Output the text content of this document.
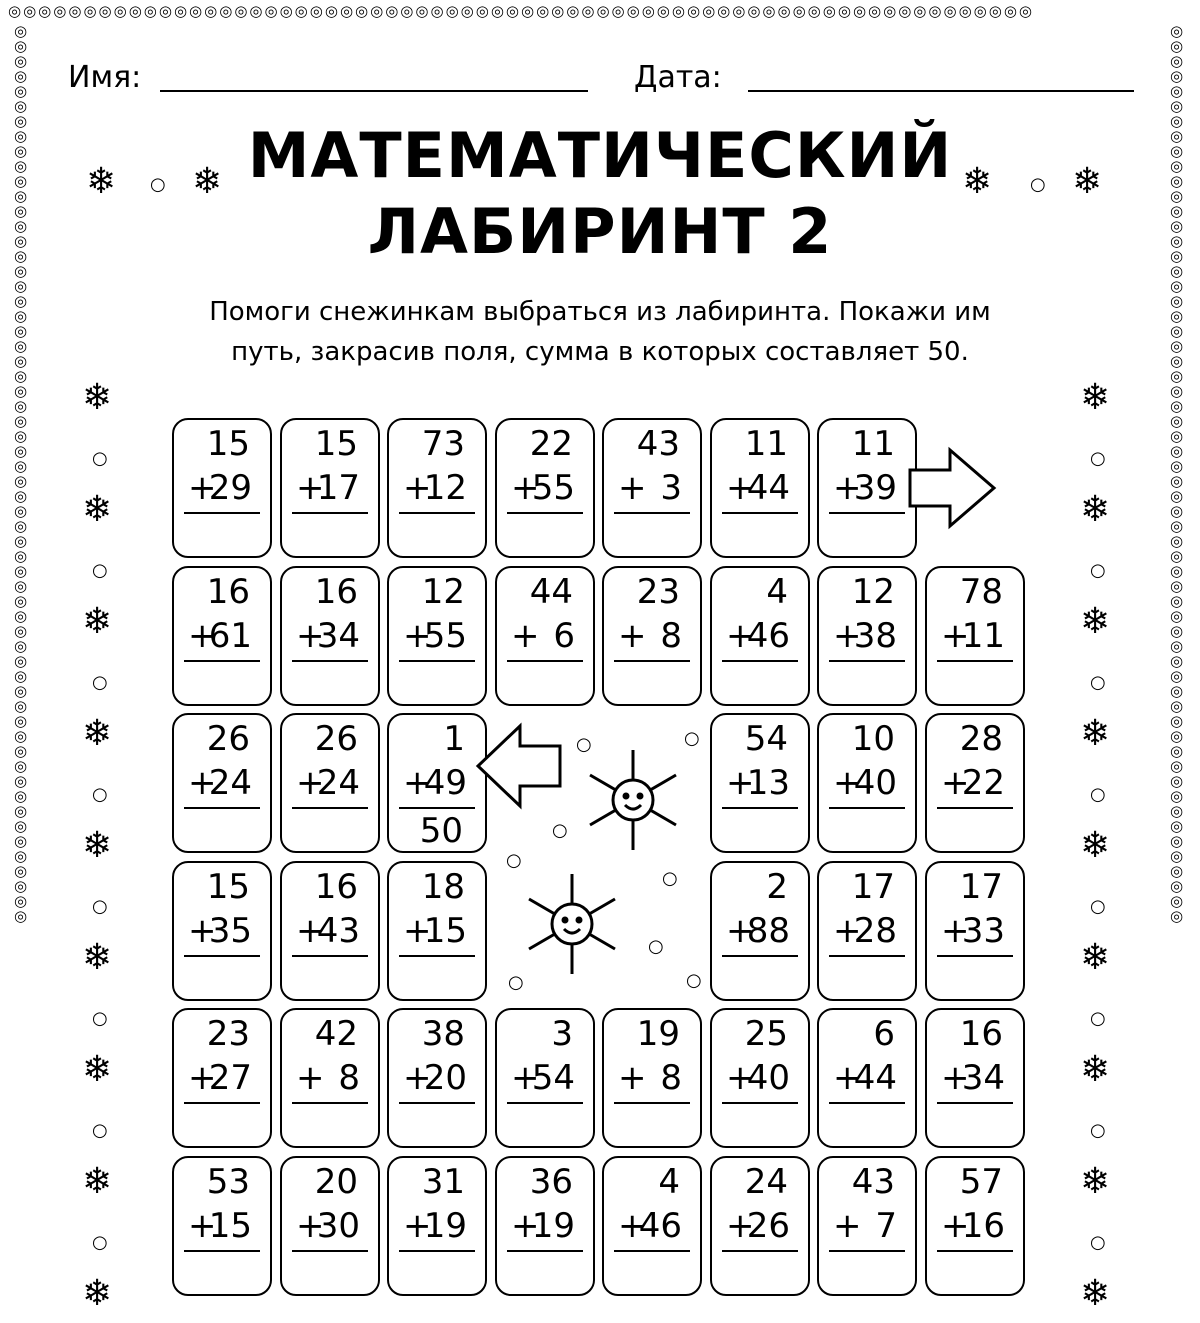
◎◎◎◎◎◎◎◎◎◎◎◎◎◎◎◎◎◎◎◎◎◎◎◎◎◎◎◎◎◎◎◎◎◎◎◎◎◎◎◎◎◎◎◎◎◎◎◎◎◎◎◎◎◎◎◎◎◎◎◎◎◎◎◎◎◎◎◎
◎◎◎◎◎◎◎◎◎◎◎◎◎◎◎◎◎◎◎◎◎◎◎◎◎◎◎◎◎◎◎◎◎◎◎◎◎◎◎◎◎◎◎◎◎◎◎◎◎◎◎◎◎◎◎◎◎◎◎◎
◎◎◎◎◎◎◎◎◎◎◎◎◎◎◎◎◎◎◎◎◎◎◎◎◎◎◎◎◎◎◎◎◎◎◎◎◎◎◎◎◎◎◎◎◎◎◎◎◎◎◎◎◎◎◎◎◎◎◎◎
Имя:	Дата:
МАТЕМАТИЧЕСКИЙ
ЛАБИРИНТ 2
❄ ○ ❄	❄ ○ ❄
Помоги снежинкам выбраться из лабиринта. Покажи им
путь, закрасив поля, сумма в которых составляет 50.
❄
○
❄
○
❄
○
❄
○
❄
○
❄
○
❄
○
❄
○
❄
❄
○
❄
○
❄
○
❄
○
❄
○
❄
○
❄
○
❄
○
❄
15
+
29
15
+
17
73
+
12
22
+
55
43
+ 3
11
+
44
11
+
39
16
+
61
16
+
34
12
+
55
44
+ 6
23
+ 8
4
+
46
12
+
38
78
+
11
26
+
24
26
+
24
1
+
49
50
54
+
13
10
+
40
28
+
22
15
+
35
16
+
43
18
+
15
2
+
88
17
+
28
17
+
33
23
+
27
42
+ 8
38
+
20
3
+
54
19
+ 8
25
+
40
6
+
44
16
+
34
53
+
15
20
+
30
31
+
19
36
+
19
4
+
46
24
+
26
43
+ 7
57
+
16
○	○
○
○
○
○
○	○
